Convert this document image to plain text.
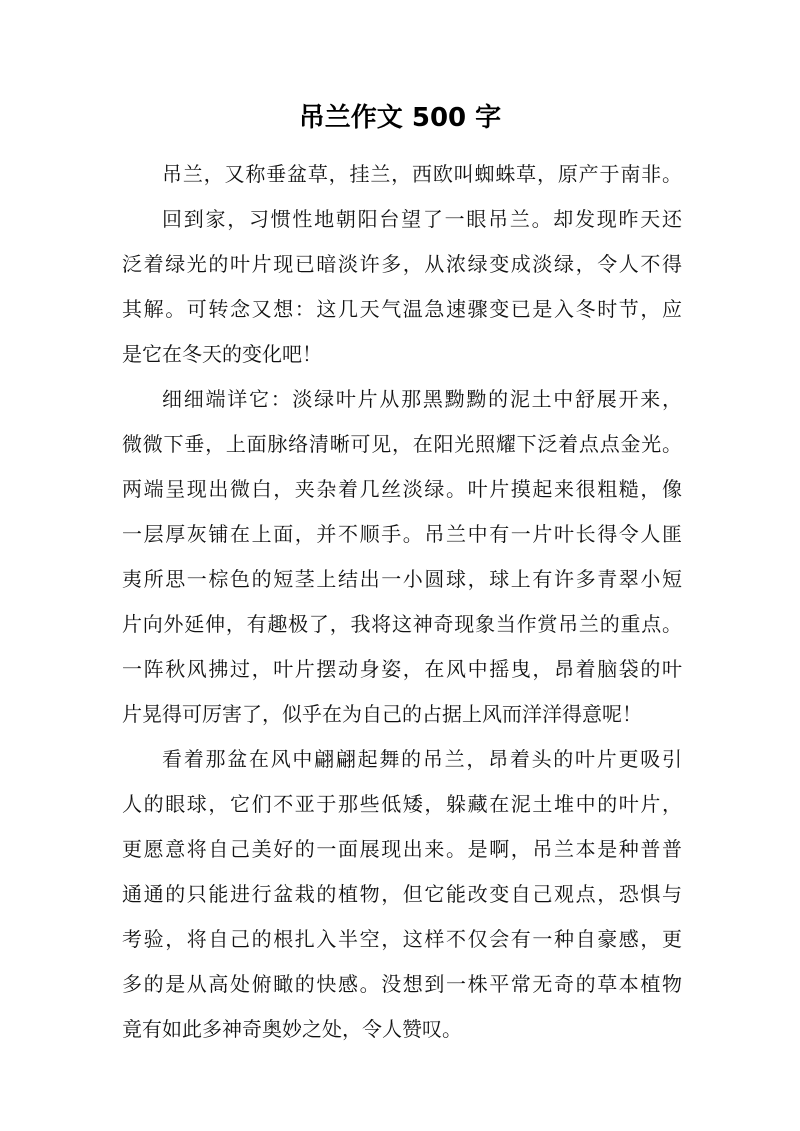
吊兰作文 500 字
吊兰，又称垂盆草，挂兰，西欧叫蜘蛛草，原产于南非。
回到家，习惯性地朝阳台望了一眼吊兰。却发现昨天还
泛着绿光的叶片现已暗淡许多，从浓绿变成淡绿，令人不得
其解。可转念又想：这几天气温急速骤变已是入冬时节，应
是它在冬天的变化吧！
细细端详它：淡绿叶片从那黑黝黝的泥土中舒展开来，
微微下垂，上面脉络清晰可见，在阳光照耀下泛着点点金光。
两端呈现出微白，夹杂着几丝淡绿。叶片摸起来很粗糙，像
一层厚灰铺在上面，并不顺手。吊兰中有一片叶长得令人匪
夷所思一棕色的短茎上结出一小圆球，球上有许多青翠小短
片向外延伸，有趣极了，我将这神奇现象当作赏吊兰的重点。
一阵秋风拂过，叶片摆动身姿，在风中摇曳，昂着脑袋的叶
片晃得可厉害了，似乎在为自己的占据上风而洋洋得意呢！
看着那盆在风中翩翩起舞的吊兰，昂着头的叶片更吸引
人的眼球，它们不亚于那些低矮，躲藏在泥土堆中的叶片，
更愿意将自己美好的一面展现出来。是啊，吊兰本是种普普
通通的只能进行盆栽的植物，但它能改变自己观点，恐惧与
考验，将自己的根扎入半空，这样不仅会有一种自豪感，更
多的是从高处俯瞰的快感。没想到一株平常无奇的草本植物
竟有如此多神奇奥妙之处，令人赞叹。
